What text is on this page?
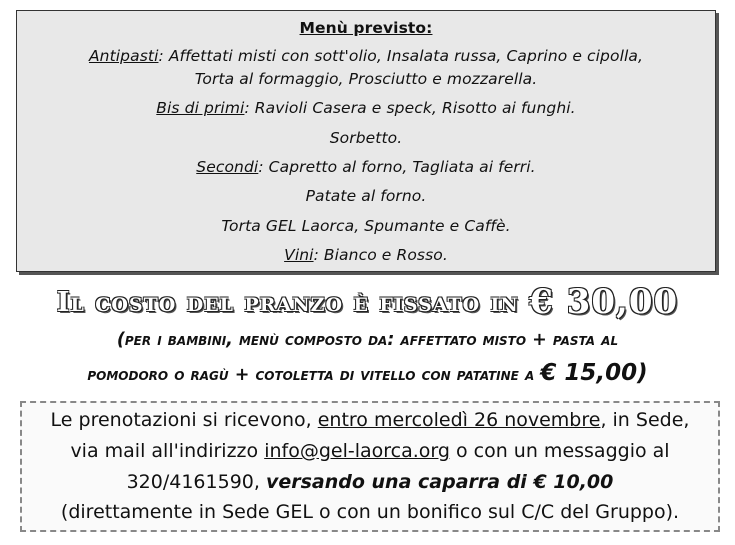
Menù previsto:
Antipasti: Affettati misti con sott'olio, Insalata russa, Caprino e cipolla,
Torta al formaggio, Prosciutto e mozzarella.
Bis di primi: Ravioli Casera e speck, Risotto ai funghi.
Sorbetto.
Secondi: Capretto al forno, Tagliata ai ferri.
Patate al forno.
Torta GEL Laorca, Spumante e Caffè.
Vini: Bianco e Rosso.
Il costo del pranzo è fissato in € 30,00
(per i bambini, menù composto da: affettato misto + pasta al
pomodoro o ragù + cotoletta di vitello con patatine a € 15,00)
Le prenotazioni si ricevono, entro mercoledì 26 novembre, in Sede,
via mail all'indirizzo info@gel-laorca.org o con un messaggio al
320/4161590, versando una caparra di € 10,00
(direttamente in Sede GEL o con un bonifico sul C/C del Gruppo).
